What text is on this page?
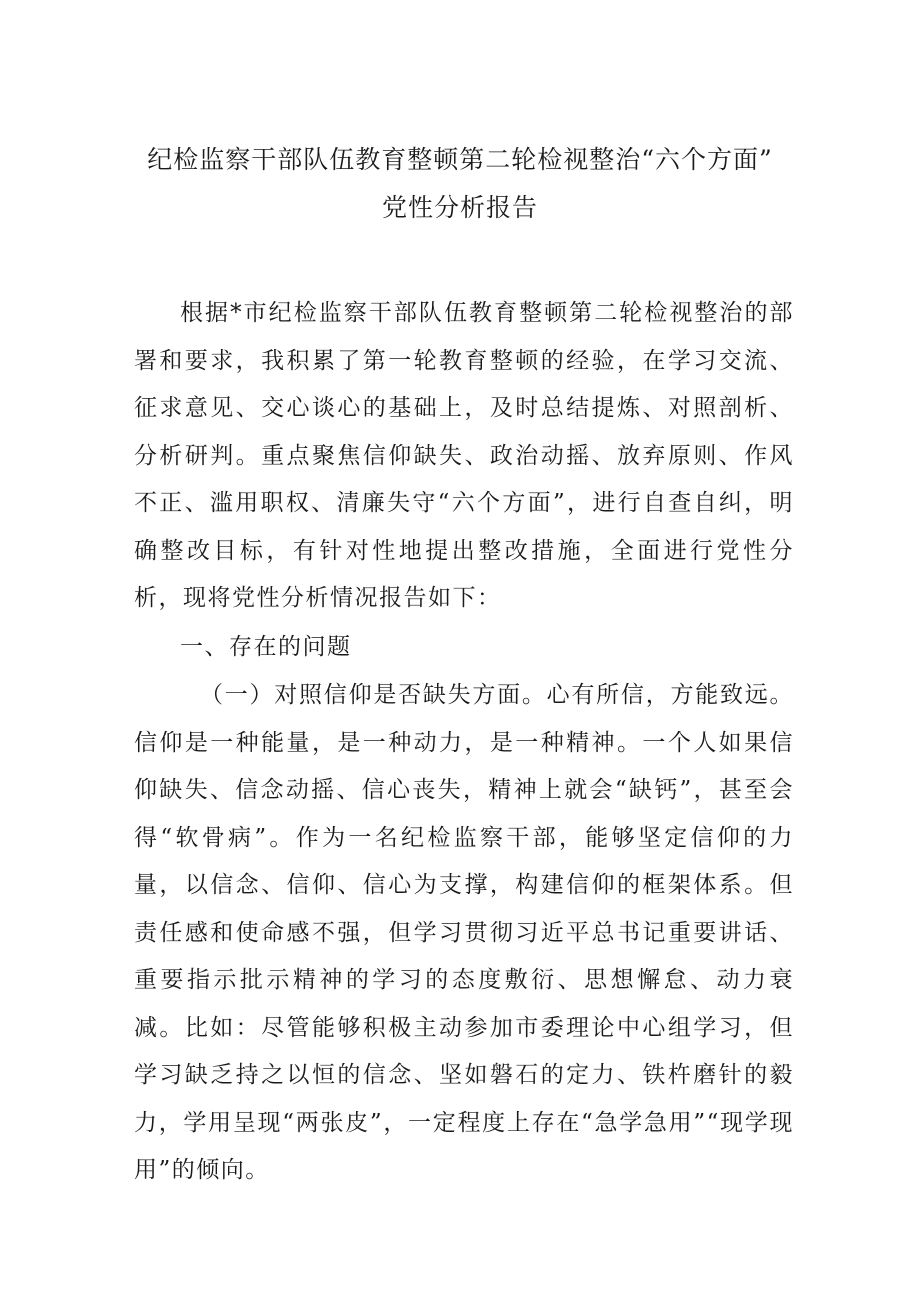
纪检监察干部队伍教育整顿第二轮检视整治“六个方面”
党性分析报告
根据*市纪检监察干部队伍教育整顿第二轮检视整治的部署和要求，我积累了第一轮教育整顿的经验，在学习交流、征求意见、交心谈心的基础上，及时总结提炼、对照剖析、分析研判。重点聚焦信仰缺失、政治动摇、放弃原则、作风不正、滥用职权、清廉失守“六个方面”，进行自查自纠，明确整改目标，有针对性地提出整改措施，全面进行党性分析，现将党性分析情况报告如下：
一、存在的问题
（一）对照信仰是否缺失方面。心有所信，方能致远。信仰是一种能量，是一种动力，是一种精神。一个人如果信仰缺失、信念动摇、信心丧失，精神上就会“缺钙”，甚至会得“软骨病”。作为一名纪检监察干部，能够坚定信仰的力量，以信念、信仰、信心为支撑，构建信仰的框架体系。但责任感和使命感不强，但学习贯彻习近平总书记重要讲话、重要指示批示精神的学习的态度敷衍、思想懈怠、动力衰减。比如：尽管能够积极主动参加市委理论中心组学习，但学习缺乏持之以恒的信念、坚如磐石的定力、铁杵磨针的毅力，学用呈现“两张皮”，一定程度上存在“急学急用”“现学现用”的倾向。
